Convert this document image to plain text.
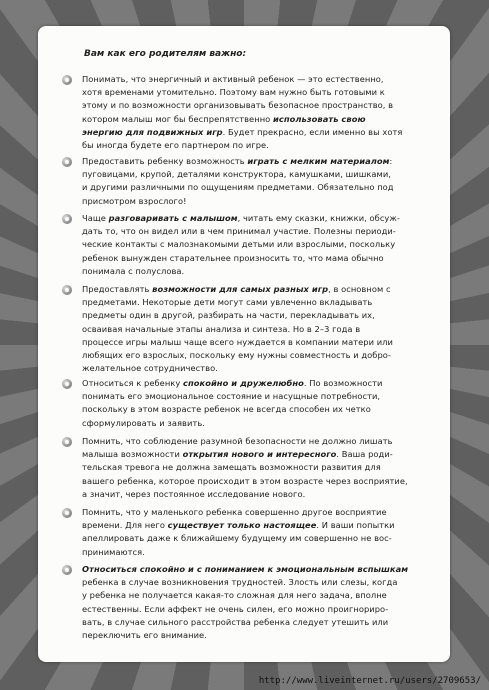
Вам как его родителям важно:
Понимать, что энергичный и активный ребенок — это естественно,
хотя временами утомительно. Поэтому вам нужно быть готовыми к
этому и по возможности организовывать безопасное пространство, в
котором малыш мог бы беспрепятственно использовать свою
энергию для подвижных игр. Будет прекрасно, если именно вы хотя
бы иногда будете его партнером по игре.
Предоставить ребенку возможность играть с мелким материалом:
пуговицами, крупой, деталями конструктора, камушками, шишками,
и другими различными по ощущениям предметами. Обязательно под
присмотром взрослого!
Чаще разговаривать с малышом, читать ему сказки, книжки, обсуж-
дать то, что он видел или в чем принимал участие. Полезны периоди-
ческие контакты с малознакомыми детьми или взрослыми, поскольку
ребенок вынужден старательнее произносить то, что мама обычно
понимала с полуслова.
Предоставлять возможности для самых разных игр, в основном с
предметами. Некоторые дети могут сами увлеченно вкладывать
предметы один в другой, разбирать на части, перекладывать их,
осваивая начальные этапы анализа и синтеза. Но в 2–3 года в
процессе игры малыш чаще всего нуждается в компании матери или
любящих его взрослых, поскольку ему нужны совместность и добро-
желательное сотрудничество.
Относиться к ребенку спокойно и дружелюбно. По возможности
понимать его эмоциональное состояние и насущные потребности,
поскольку в этом возрасте ребенок не всегда способен их четко
сформулировать и заявить.
Помнить, что соблюдение разумной безопасности не должно лишать
малыша возможности открытия нового и интересного. Ваша роди-
тельская тревога не должна замещать возможности развития для
вашего ребенка, которое происходит в этом возрасте через восприятие,
а значит, через постоянное исследование нового.
Помнить, что у маленького ребенка совершенно другое восприятие
времени. Для него существует только настоящее. И ваши попытки
апеллировать даже к ближайшему будущему им совершенно не вос-
принимаются.
Относиться спокойно и с пониманием к эмоциональным вспышкам
ребенка в случае возникновения трудностей. Злость или слезы, когда
у ребенка не получается какая-то сложная для него задача, вполне
естественны. Если аффект не очень силен, его можно проигнориро-
вать, в случае сильного расстройства ребенка следует утешить или
переключить его внимание.
http://www.liveinternet.ru/users/2709653/
